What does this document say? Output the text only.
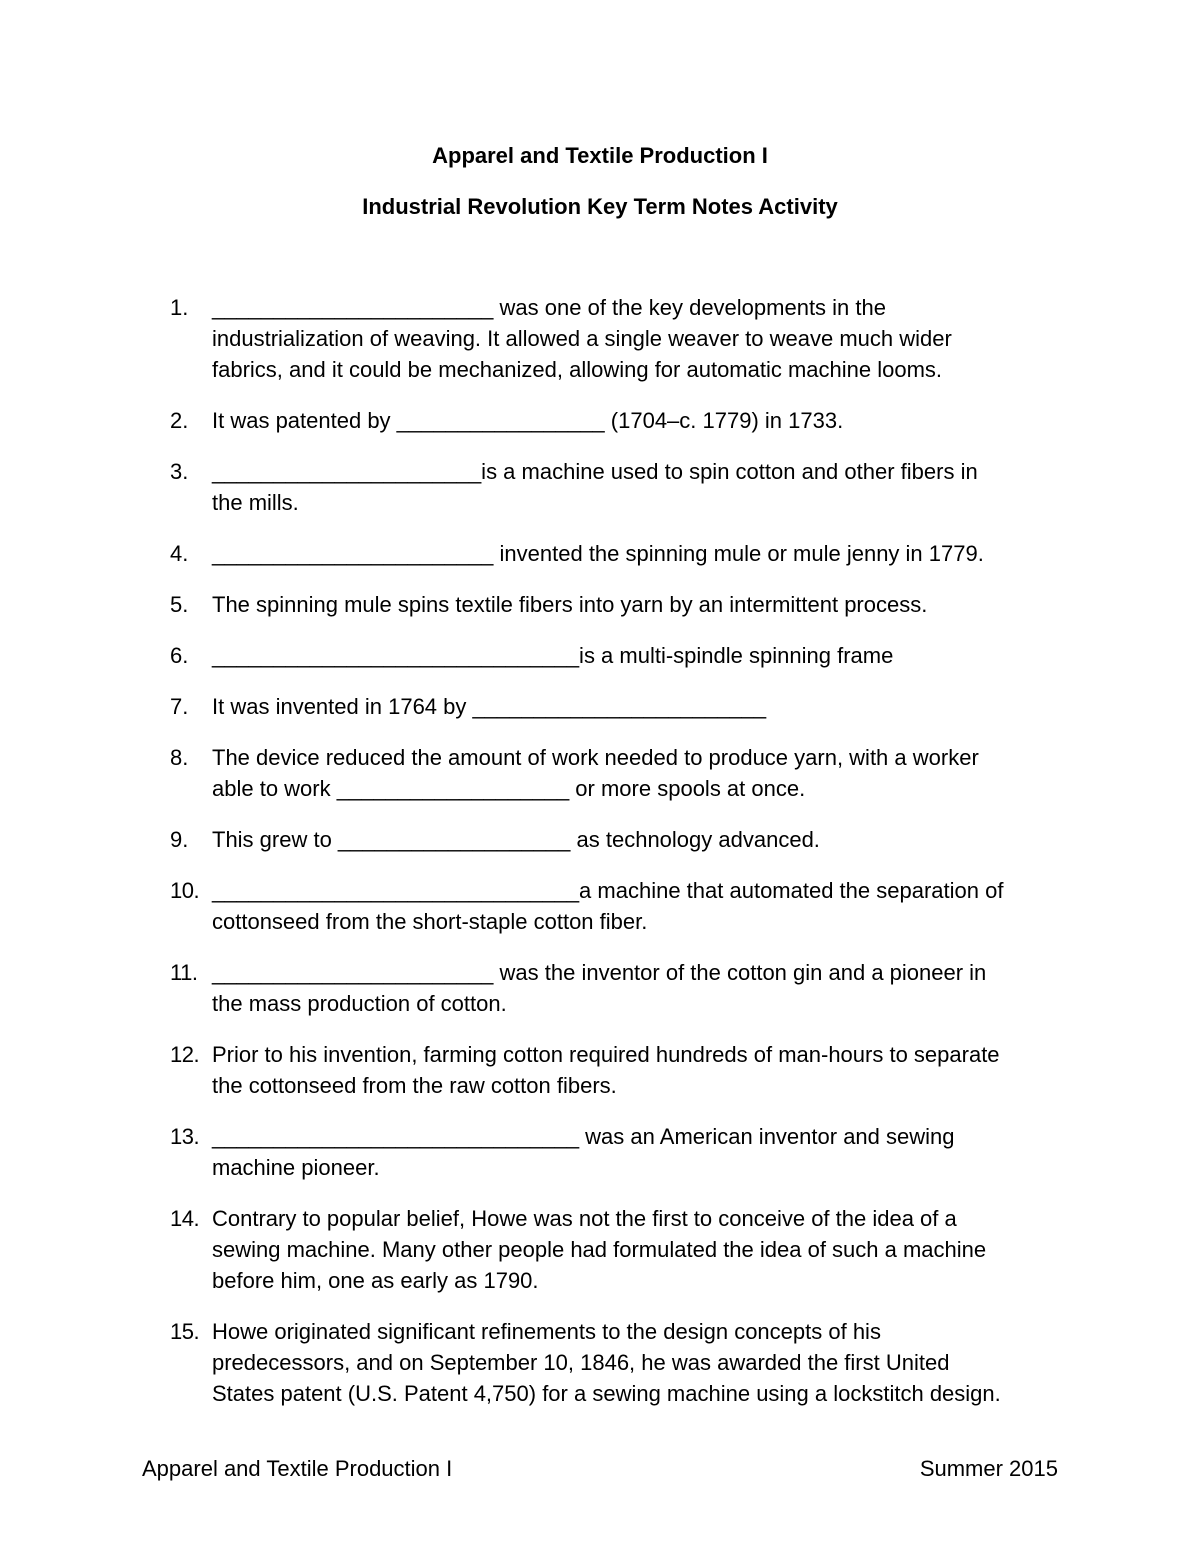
Apparel and Textile Production I
Industrial Revolution Key Term Notes Activity
1.	_______________________ was one of the key developments in the
industrialization of weaving. It allowed a single weaver to weave much wider
fabrics, and it could be mechanized, allowing for automatic machine looms.
2.	It was patented by _________________ (1704–c. 1779) in 1733.
3.	______________________is a machine used to spin cotton and other fibers in
the mills.
4.	_______________________ invented the spinning mule or mule jenny in 1779.
5.	The spinning mule spins textile fibers into yarn by an intermittent process.
6.	______________________________is a multi-spindle spinning frame
7.	It was invented in 1764 by ________________________
8.	The device reduced the amount of work needed to produce yarn, with a worker
able to work ___________________ or more spools at once.
9.	This grew to ___________________ as technology advanced.
10. ______________________________a machine that automated the separation of
cottonseed from the short-staple cotton fiber.
11. _______________________ was the inventor of the cotton gin and a pioneer in
the mass production of cotton.
12. Prior to his invention, farming cotton required hundreds of man-hours to separate
the cottonseed from the raw cotton fibers.
13. ______________________________ was an American inventor and sewing
machine pioneer.
14. Contrary to popular belief, Howe was not the first to conceive of the idea of a
sewing machine. Many other people had formulated the idea of such a machine
before him, one as early as 1790.
15. Howe originated significant refinements to the design concepts of his
predecessors, and on September 10, 1846, he was awarded the first United
States patent (U.S. Patent 4,750) for a sewing machine using a lockstitch design.
Apparel and Textile Production I	Summer 2015
